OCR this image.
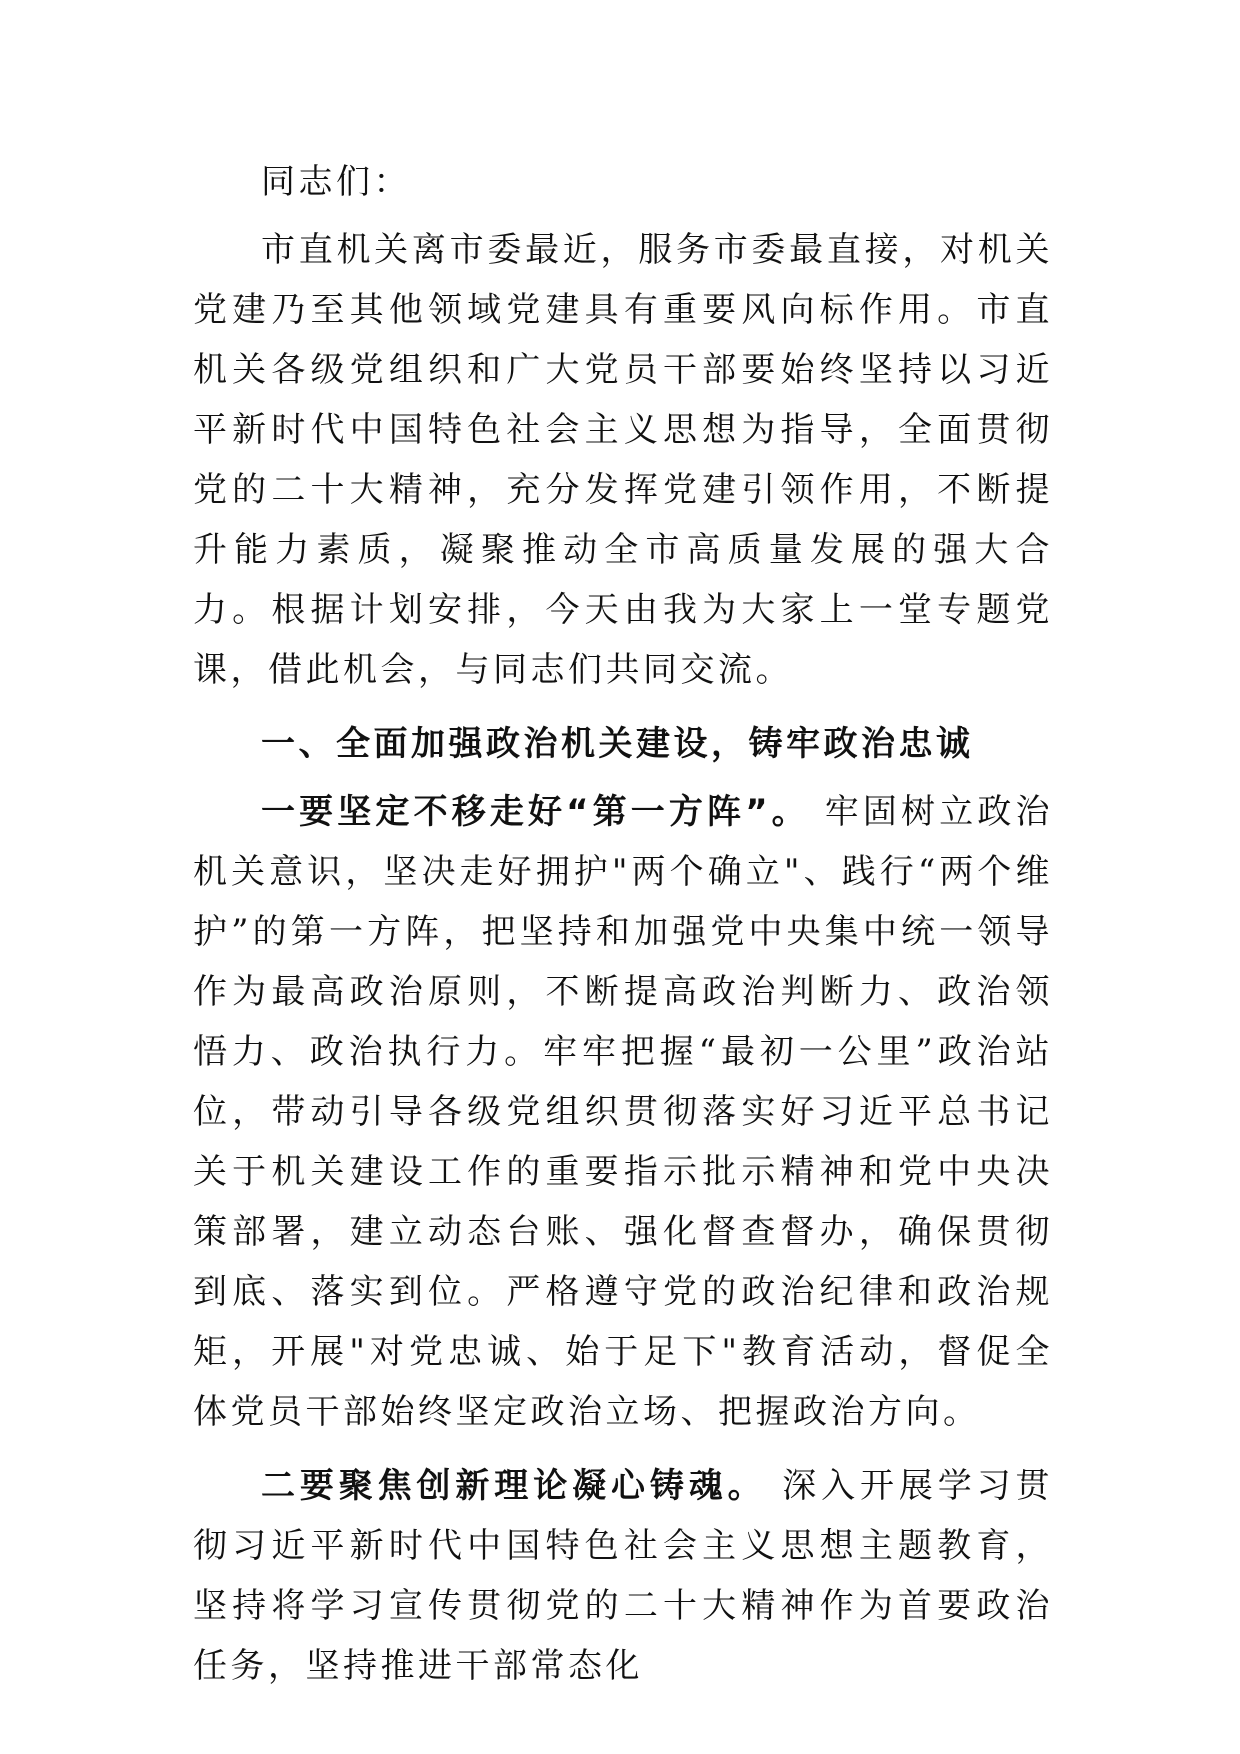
同志们：

市直机关离市委最近，服务市委最直接，对机关党建乃至其他领域党建具有重要风向标作用。市直机关各级党组织和广大党员干部要始终坚持以习近平新时代中国特色社会主义思想为指导，全面贯彻党的二十大精神，充分发挥党建引领作用，不断提升能力素质，凝聚推动全市高质量发展的强大合力。根据计划安排，今天由我为大家上一堂专题党课，借此机会，与同志们共同交流。

一、全面加强政治机关建设，铸牢政治忠诚

一要坚定不移走好“第一方阵”。 牢固树立政治机关意识，坚决走好拥护"两个确立"、践行“两个维护”的第一方阵，把坚持和加强党中央集中统一领导作为最高政治原则，不断提高政治判断力、政治领悟力、政治执行力。牢牢把握“最初一公里”政治站位，带动引导各级党组织贯彻落实好习近平总书记关于机关建设工作的重要指示批示精神和党中央决策部署，建立动态台账、强化督查督办，确保贯彻到底、落实到位。严格遵守党的政治纪律和政治规矩，开展"对党忠诚、始于足下"教育活动，督促全体党员干部始终坚定政治立场、把握政治方向。

二要聚焦创新理论凝心铸魂。 深入开展学习贯彻习近平新时代中国特色社会主义思想主题教育，坚持将学习宣传贯彻党的二十大精神作为首要政治任务，坚持推进干部常态化
